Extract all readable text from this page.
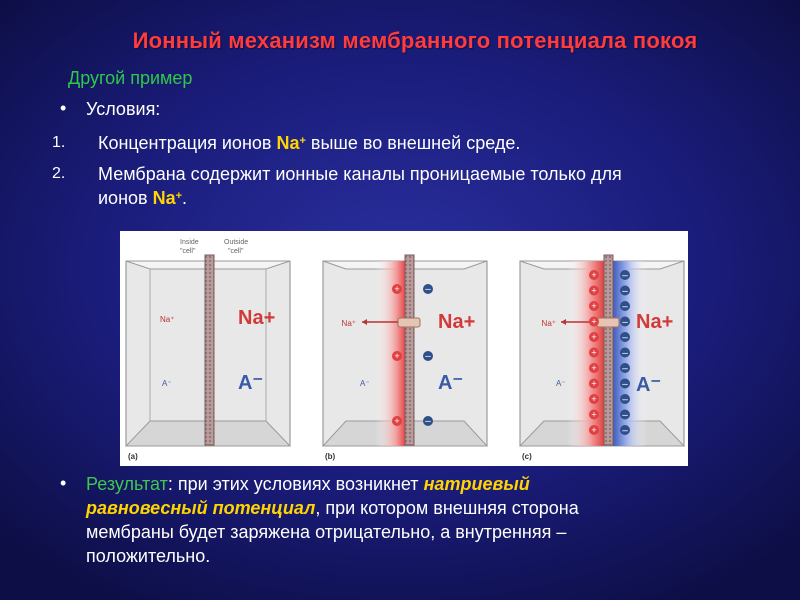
Ионный механизм мембранного потенциала покоя
Другой пример
• Условия:
1. Концентрация ионов Na+ выше во внешней среде.
2. Мембрана содержит ионные каналы проницаемые только для
ионов Na+.
Inside
"cell"
Outside
"cell"
Na⁺	Na+
A⁻	A⁻
(a)
Na⁺	Na+
A⁻	A⁻
+
+
+
–
–
–
(b)
Na⁺	Na+
A⁻	A⁻
+
+
+
+
+
+
+
+
+
+
+
–
–
–
–
–
–
–
–
–
–
–
(c)
• Результат: при этих условиях возникнет натриевый
равновесный потенциал, при котором внешняя сторона
мембраны будет заряжена отрицательно, а внутренняя –
положительно.
